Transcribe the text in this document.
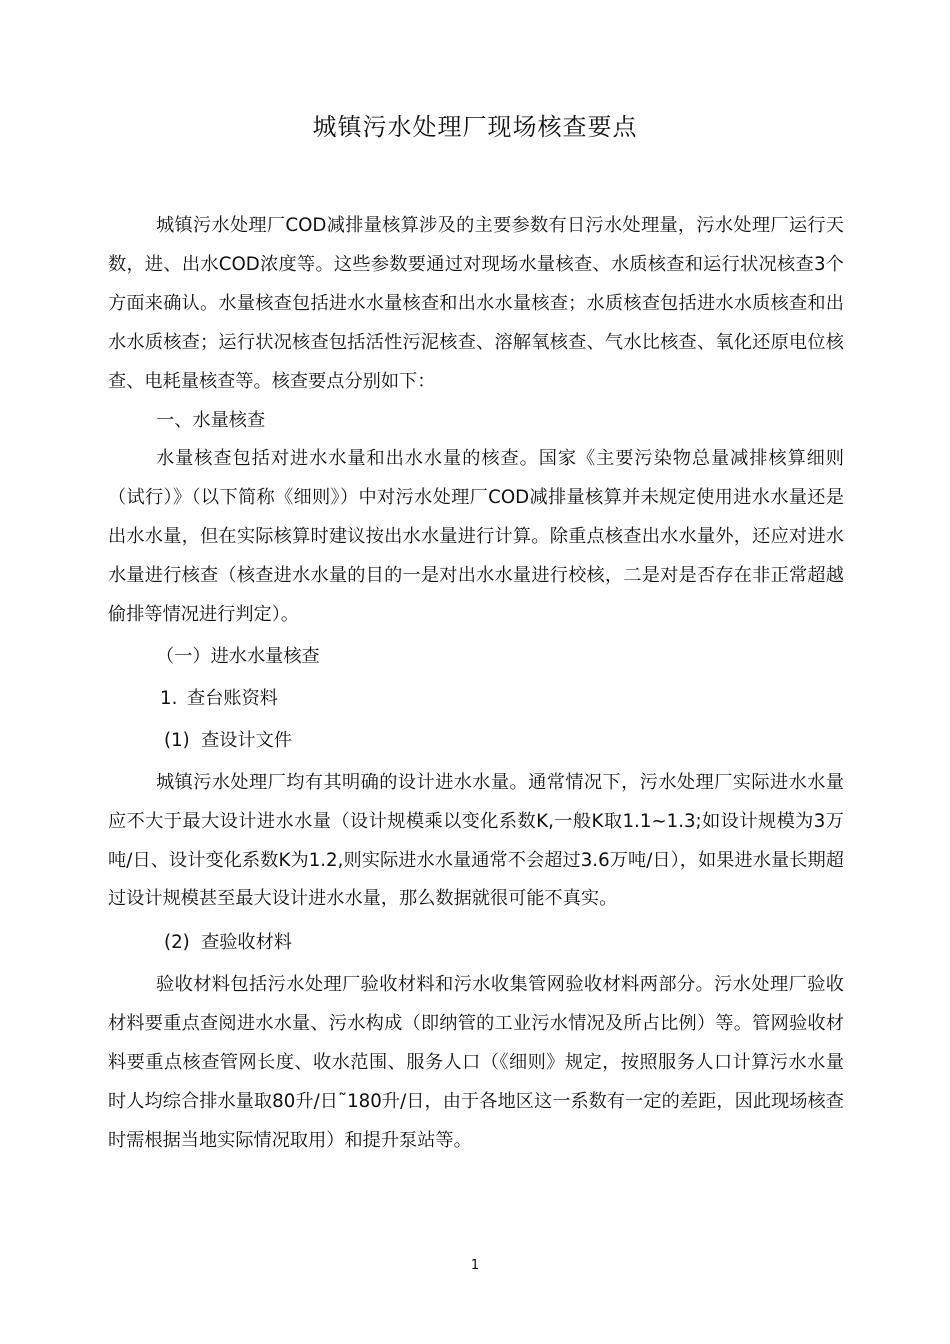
城镇污水处理厂现场核查要点

城镇污水处理厂COD减排量核算涉及的主要参数有日污水处理量，污水处理厂运行天数，进、出水COD浓度等。这些参数要通过对现场水量核查、水质核查和运行状况核查3个方面来确认。水量核查包括进水水量核查和出水水量核查；水质核查包括进水水质核查和出水水质核查；运行状况核查包括活性污泥核查、溶解氧核查、气水比核查、氧化还原电位核查、电耗量核查等。核查要点分别如下：

一、水量核查

水量核查包括对进水水量和出水水量的核查。国家《主要污染物总量减排核算细则（试行）》（以下简称《细则》）中对污水处理厂COD减排量核算并未规定使用进水水量还是出水水量，但在实际核算时建议按出水水量进行计算。除重点核查出水水量外，还应对进水水量进行核查（核查进水水量的目的一是对出水水量进行校核，二是对是否存在非正常超越偷排等情况进行判定）。

（一）进水水量核查

1. 查台账资料

(1) 查设计文件

城镇污水处理厂均有其明确的设计进水水量。通常情况下，污水处理厂实际进水水量应不大于最大设计进水水量（设计规模乘以变化系数K,一般K取1.1~1.3;如设计规模为3万吨/日、设计变化系数K为1.2,则实际进水水量通常不会超过3.6万吨/日），如果进水量长期超过设计规模甚至最大设计进水水量，那么数据就很可能不真实。

(2) 查验收材料

验收材料包括污水处理厂验收材料和污水收集管网验收材料两部分。污水处理厂验收材料要重点查阅进水水量、污水构成（即纳管的工业污水情况及所占比例）等。管网验收材料要重点核查管网长度、收水范围、服务人口（《细则》规定，按照服务人口计算污水水量时人均综合排水量取80升/日˜180升/日，由于各地区这一系数有一定的差距，因此现场核查时需根据当地实际情况取用）和提升泵站等。

1
